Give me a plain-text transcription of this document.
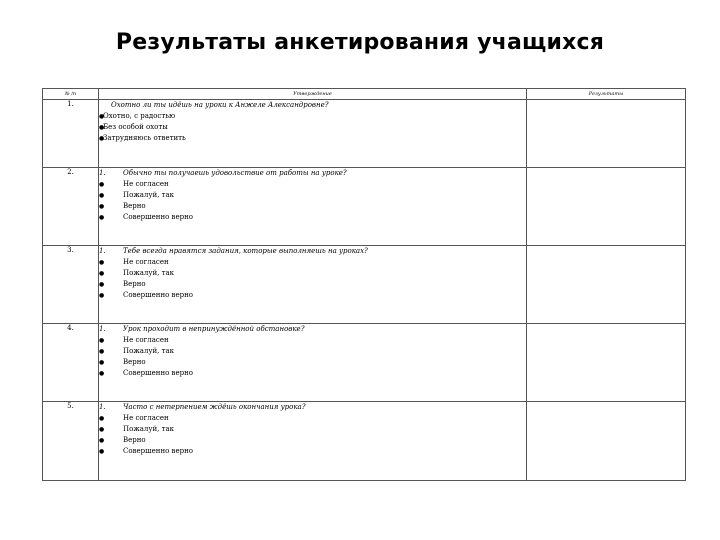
Результаты анкетирования учащихся
№ /п	Утверждение	Результаты
1.	Охотно ли ты идёшь на уроки к Анжеле Александровне?
●Охотно, с радостью
●Без особой охоты
●Затрудняюсь ответить	

2.	1. Обычно ты получаешь удовольствие от работы на уроке?
● Не согласен
● Пожалуй, так
● Верно
● Совершенно верно	

3.	1. Тебе всегда нравятся задания, которые выполняешь на уроках?
● Не согласен
● Пожалуй, так
● Верно
● Совершенно верно	

4.	1. Урок проходит в непринуждённой обстановке?
● Не согласен
● Пожалуй, так
● Верно
● Совершенно верно	

5.	1. Часто с нетерпением ждёшь окончания урока?
● Не согласен
● Пожалуй, так
● Верно
● Совершенно верно	
